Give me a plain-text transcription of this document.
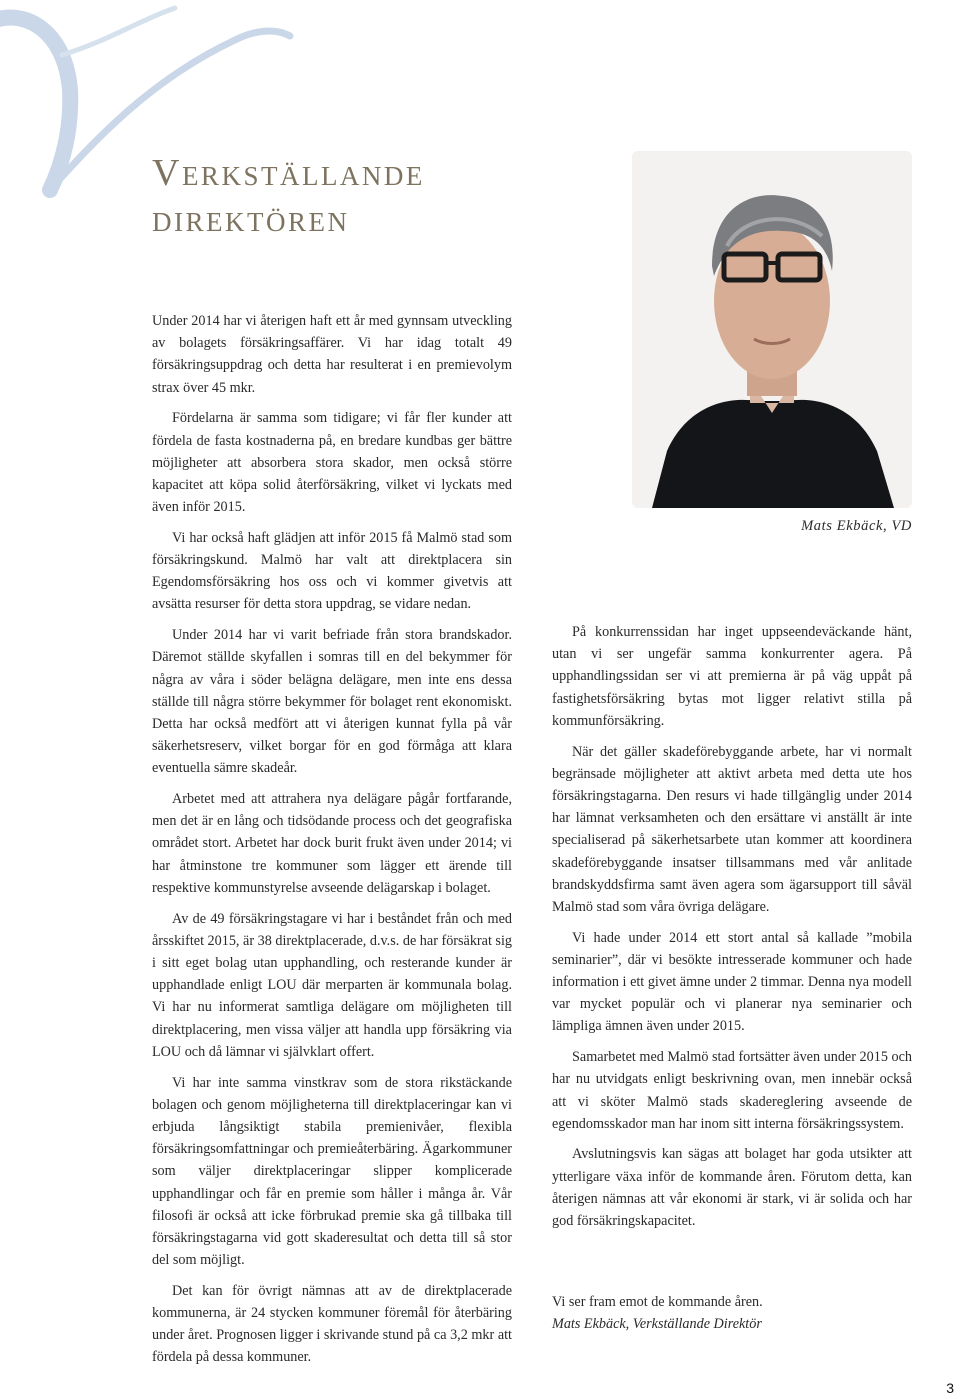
Verkställande
direktören

Under 2014 har vi återigen haft ett år med gynnsam utveckling av bolagets försäkringsaffärer. Vi har idag totalt 49 försäkringsuppdrag och detta har resulterat i en premievolym strax över 45 mkr.

Fördelarna är samma som tidigare; vi får fler kunder att fördela de fasta kostnaderna på, en bredare kundbas ger bättre möjligheter att absorbera stora skador, men också större kapacitet att köpa solid återförsäkring, vilket vi lyckats med även inför 2015.

Vi har också haft glädjen att inför 2015 få Malmö stad som försäkringskund. Malmö har valt att direktplacera sin Egendomsförsäkring hos oss och vi kommer givetvis att avsätta resurser för detta stora uppdrag, se vidare nedan.

Under 2014 har vi varit befriade från stora brandskador. Däremot ställde skyfallen i somras till en del bekymmer för några av våra i söder belägna delägare, men inte ens dessa ställde till några större bekymmer för bolaget rent ekonomiskt. Detta har också medfört att vi återigen kunnat fylla på vår säkerhetsreserv, vilket borgar för en god förmåga att klara eventuella sämre skadeår.

Arbetet med att attrahera nya delägare pågår fortfarande, men det är en lång och tidsödande process och det geografiska området stort. Arbetet har dock burit frukt även under 2014; vi har åtminstone tre kommuner som lägger ett ärende till respektive kommunstyrelse avseende delägarskap i bolaget.

Av de 49 försäkringstagare vi har i beståndet från och med årsskiftet 2015, är 38 direktplacerade, d.v.s. de har försäkrat sig i sitt eget bolag utan upphandling, och resterande kunder är upphandlade enligt LOU där merparten är kommunala bolag. Vi har nu informerat samtliga delägare om möjligheten till direktplacering, men vissa väljer att handla upp försäkring via LOU och då lämnar vi självklart offert.

Vi har inte samma vinstkrav som de stora rikstäckande bolagen och genom möjligheterna till direktplaceringar kan vi erbjuda långsiktigt stabila premienivåer, flexibla försäkringsomfattningar och premieåterbäring. Ägarkommuner som väljer direktplaceringar slipper komplicerade upphandlingar och får en premie som håller i många år. Vår filosofi är också att icke förbrukad premie ska gå tillbaka till försäkringstagarna vid gott skaderesultat och detta till så stor del som möjligt.

Det kan för övrigt nämnas att av de direktplacerade kommunerna, är 24 stycken kommuner föremål för återbäring under året. Prognosen ligger i skrivande stund på ca 3,2 mkr att fördela på dessa kommuner.

Mats Ekbäck, VD

På konkurrenssidan har inget uppseendeväckande hänt, utan vi ser ungefär samma konkurrenter agera. På upphandlingssidan ser vi att premierna är på väg uppåt på fastighetsförsäkring bytas mot ligger relativt stilla på kommunförsäkring.

När det gäller skadeförebyggande arbete, har vi normalt begränsade möjligheter att aktivt arbeta med detta ute hos försäkringstagarna. Den resurs vi hade tillgänglig under 2014 har lämnat verksamheten och den ersättare vi anställt är inte specialiserad på säkerhetsarbete utan kommer att koordinera skadeförebyggande insatser tillsammans med vår anlitade brandskyddsfirma samt även agera som ägarsupport till såväl Malmö stad som våra övriga delägare.

Vi hade under 2014 ett stort antal så kallade ”mobila seminarier”, där vi besökte intresserade kommuner och hade information i ett givet ämne under 2 timmar. Denna nya modell var mycket populär och vi planerar nya seminarier och lämpliga ämnen även under 2015.

Samarbetet med Malmö stad fortsätter även under 2015 och har nu utvidgats enligt beskrivning ovan, men innebär också att vi sköter Malmö stads skadereglering avseende de egendomsskador man har inom sitt interna försäkringssystem.

Avslutningsvis kan sägas att bolaget har goda utsikter att ytterligare växa inför de kommande åren. Förutom detta, kan återigen nämnas att vår ekonomi är stark, vi är solida och har god försäkringskapacitet.

Vi ser fram emot de kommande åren.
Mats Ekbäck, Verkställande Direktör
3
